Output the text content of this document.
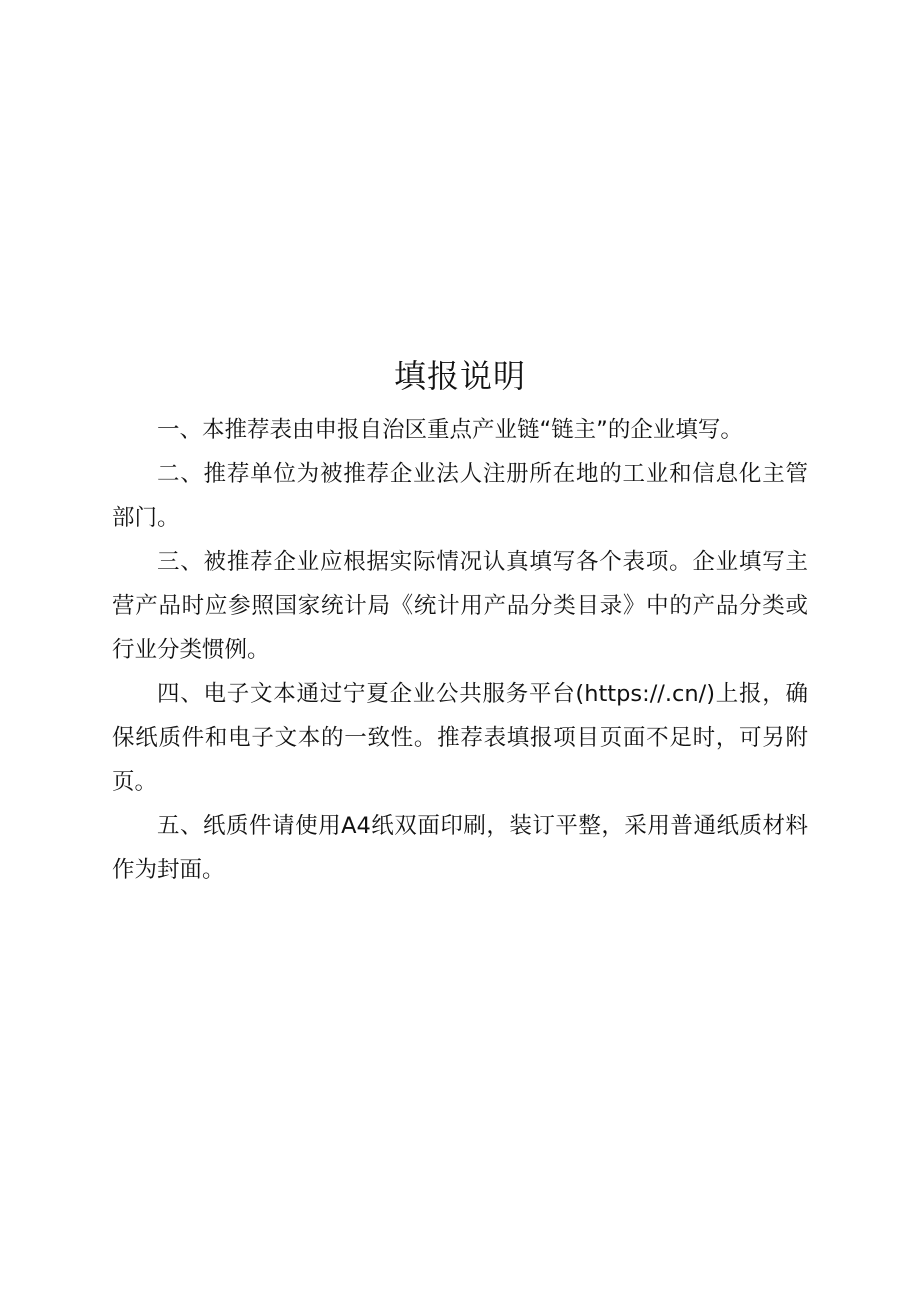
填报说明

一、本推荐表由申报自治区重点产业链“链主”的企业填写。

二、推荐单位为被推荐企业法人注册所在地的工业和信息化主管部门。

三、被推荐企业应根据实际情况认真填写各个表项。企业填写主营产品时应参照国家统计局《统计用产品分类目录》中的产品分类或行业分类惯例。

四、电子文本通过宁夏企业公共服务平台(https://.cn/)上报，确保纸质件和电子文本的一致性。推荐表填报项目页面不足时，可另附页。

五、纸质件请使用A4纸双面印刷，装订平整，采用普通纸质材料作为封面。
